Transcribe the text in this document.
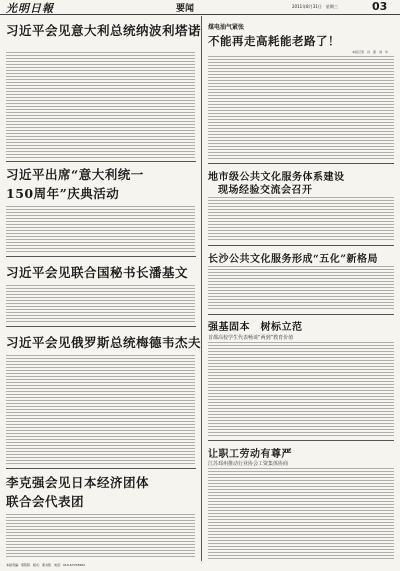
光明日報	要闻	2011年8月31日　星期三	03
习近平会见意大利总统纳波利塔诺
习近平出席“意大利统一
150周年”庆典活动
习近平会见联合国秘书长潘基文
习近平会见俄罗斯总统梅德韦杰夫
李克强会见日本经济团体
联合会代表团
煤电油气紧张
不能再走高耗能老路了！
本报记者　冯　蕾　刘　华
地市级公共文化服务体系建设
现场经验交流会召开
长沙公共文化服务形成“五化”新格局
强基固本　树标立范
首都高校学生代表畅谈“两到”教育价值
让职工劳动有尊严
江苏邳州推动行业协会工资集体协商
本版责编：蔡陌陌　版式：黄书凯　电话：010-67078262
